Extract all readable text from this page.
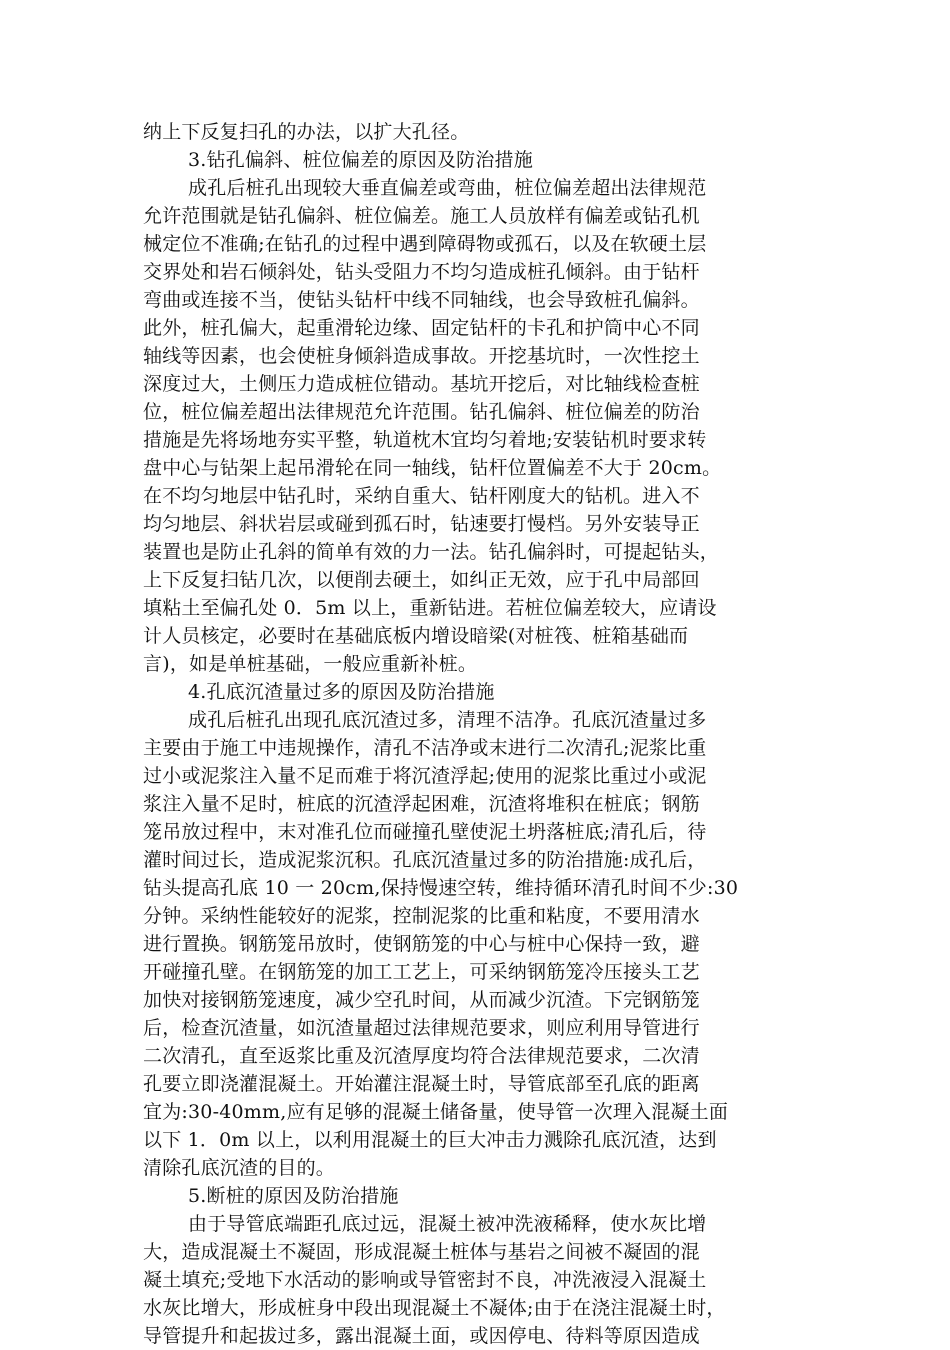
纳上下反复扫孔的办法，以扩大孔径。
3.钻孔偏斜、桩位偏差的原因及防治措施
成孔后桩孔出现较大垂直偏差或弯曲，桩位偏差超出法律规范
允许范围就是钻孔偏斜、桩位偏差。施工人员放样有偏差或钻孔机
械定位不准确;在钻孔的过程中遇到障碍物或孤石，以及在软硬土层
交界处和岩石倾斜处，钻头受阻力不均匀造成桩孔倾斜。由于钻杆
弯曲或连接不当，使钻头钻杆中线不同轴线，也会导致桩孔偏斜。
此外，桩孔偏大，起重滑轮边缘、固定钻杆的卡孔和护筒中心不同
轴线等因素，也会使桩身倾斜造成事故。开挖基坑时，一次性挖土
深度过大，土侧压力造成桩位错动。基坑开挖后，对比轴线检查桩
位，桩位偏差超出法律规范允许范围。钻孔偏斜、桩位偏差的防治
措施是先将场地夯实平整，轨道枕木宜均匀着地;安装钻机时要求转
盘中心与钻架上起吊滑轮在同一轴线，钻杆位置偏差不大于 20cm。
在不均匀地层中钻孔时，采纳自重大、钻杆刚度大的钻机。进入不
均匀地层、斜状岩层或碰到孤石时，钻速要打慢档。另外安装导正
装置也是防止孔斜的简单有效的力一法。钻孔偏斜时，可提起钻头，
上下反复扫钻几次，以便削去硬土，如纠正无效，应于孔中局部回
填粘土至偏孔处 0．5m 以上，重新钻进。若桩位偏差较大，应请设
计人员核定，必要时在基础底板内增设暗梁(对桩筏、桩箱基础而
言)，如是单桩基础，一般应重新补桩。
4.孔底沉渣量过多的原因及防治措施
成孔后桩孔出现孔底沉渣过多，清理不洁净。孔底沉渣量过多
主要由于施工中违规操作，清孔不洁净或末进行二次清孔;泥浆比重
过小或泥浆注入量不足而难于将沉渣浮起;使用的泥浆比重过小或泥
浆注入量不足时，桩底的沉渣浮起困难，沉渣将堆积在桩底；钢筋
笼吊放过程中，末对准孔位而碰撞孔壁使泥土坍落桩底;清孔后，待
灌时间过长，造成泥浆沉积。孔底沉渣量过多的防治措施:成孔后，
钻头提高孔底 10 一 20cm,保持慢速空转，维持循环清孔时间不少:30
分钟。采纳性能较好的泥浆，控制泥浆的比重和粘度，不要用清水
进行置换。钢筋笼吊放时，使钢筋笼的中心与桩中心保持一致，避
开碰撞孔壁。在钢筋笼的加工工艺上，可采纳钢筋笼冷压接头工艺
加快对接钢筋笼速度，减少空孔时间，从而减少沉渣。下完钢筋笼
后，检查沉渣量，如沉渣量超过法律规范要求，则应利用导管进行
二次清孔，直至返浆比重及沉渣厚度均符合法律规范要求，二次清
孔要立即浇灌混凝土。开始灌注混凝土时，导管底部至孔底的距离
宜为:30-40mm,应有足够的混凝土储备量，使导管一次理入混凝土面
以下 1．0m 以上，以利用混凝土的巨大冲击力溅除孔底沉渣，达到
清除孔底沉渣的目的。
5.断桩的原因及防治措施
由于导管底端距孔底过远，混凝土被冲洗液稀释，使水灰比增
大，造成混凝土不凝固，形成混凝土桩体与基岩之间被不凝固的混
凝土填充;受地下水活动的影响或导管密封不良，冲洗液浸入混凝土
水灰比增大，形成桩身中段出现混凝土不凝体;由于在浇注混凝土时，
导管提升和起拔过多，露出混凝土面，或因停电、待料等原因造成
